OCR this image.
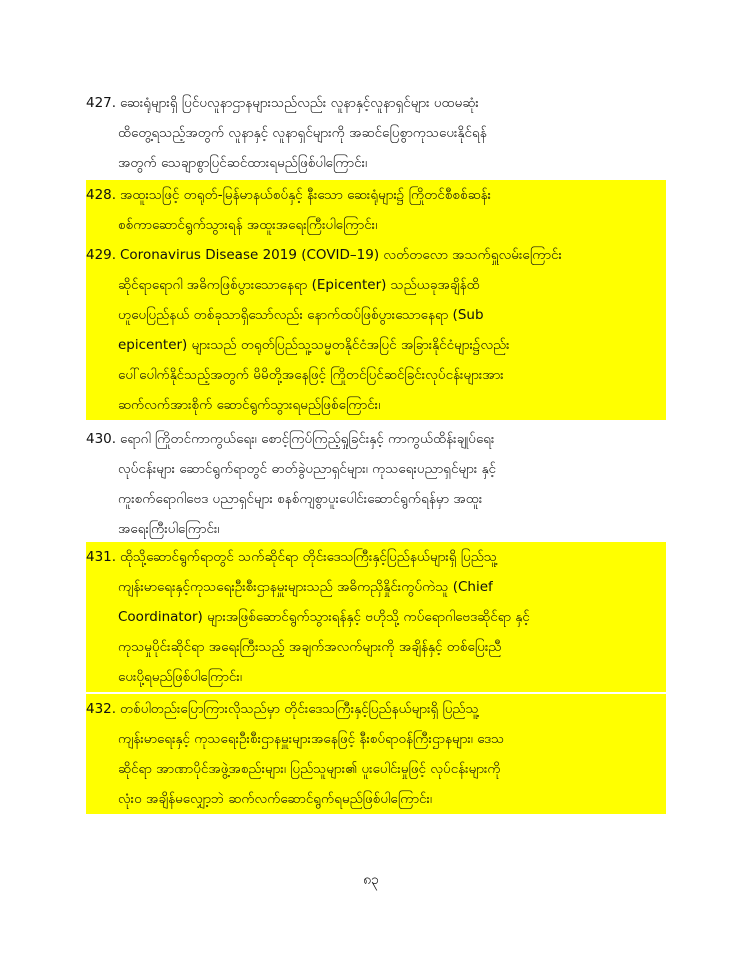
427. ဆေးရုံများရှိ ပြင်ပလူနာဌာနများသည်လည်း လူနာနှင့်လူနာရှင်များ ပထမဆုံး
ထိတွေ့ရသည့်အတွက် လူနာနှင့် လူနာရှင်များကို အဆင်ပြေစွာကုသပေးနိုင်ရန်
အတွက် သေချာစွာပြင်ဆင်ထားရမည်ဖြစ်ပါကြောင်း၊
428. အထူးသဖြင့် တရုတ်-မြန်မာနယ်စပ်နှင့် နီးသော ဆေးရုံများ၌ ကြိုတင်စီစစ်ဆန်း
စစ်ကာဆောင်ရွက်သွားရန် အထူးအရေးကြီးပါကြောင်း၊
429. Coronavirus Disease 2019 (COVID–19) လတ်တလော အသက်ရှူလမ်းကြောင်း
ဆိုင်ရာရောဂါ အဓိကဖြစ်ပွားသောနေရာ (Epicenter) သည်ယခုအချိန်ထိ
ဟူပေပြည်နယ် တစ်ခုသာရှိသော်လည်း နောက်ထပ်ဖြစ်ပွားသောနေရာ (Sub
epicenter) များသည် တရုတ်ပြည်သူ့သမ္မတနိုင်ငံအပြင် အခြားနိုင်ငံများ၌လည်း
ပေါ်ပေါက်နိုင်သည့်အတွက် မိမိတို့အနေဖြင့် ကြိုတင်ပြင်ဆင်ခြင်းလုပ်ငန်းများအား
ဆက်လက်အားစိုက် ဆောင်ရွက်သွားရမည်ဖြစ်ကြောင်း၊
430. ရောဂါ ကြိုတင်ကာကွယ်ရေး၊ စောင့်ကြပ်ကြည့်ရှုခြင်းနှင့် ကာကွယ်ထိန်းချုပ်ရေး
လုပ်ငန်းများ ဆောင်ရွက်ရာတွင် ဓာတ်ခွဲပညာရှင်များ၊ ကုသရေးပညာရှင်များ နှင့်
ကူးစက်ရောဂါဗေဒ ပညာရှင်များ စနစ်ကျစွာပူးပေါင်းဆောင်ရွက်ရန်မှာ အထူး
အရေးကြီးပါကြောင်း၊
431. ထိုသို့ဆောင်ရွက်ရာတွင် သက်ဆိုင်ရာ တိုင်းဒေသကြီးနှင့်ပြည်နယ်များရှိ ပြည်သူ့
ကျန်းမာရေးနှင့်ကုသရေးဦးစီးဌာနမှူးများသည် အဓိကညှိနှိုင်းကွပ်ကဲသူ (Chief
Coordinator) များအဖြစ်ဆောင်ရွက်သွားရန်နှင့် ဗဟိုသို့ ကပ်ရောဂါဗေဒဆိုင်ရာ နှင့်
ကုသမှုပိုင်းဆိုင်ရာ အရေးကြီးသည့် အချက်အလက်များကို အချိန်နှင့် တစ်ပြေးညီ
ပေးပို့ရမည်ဖြစ်ပါကြောင်း၊
432. တစ်ပါတည်းပြောကြားလိုသည်မှာ တိုင်းဒေသကြီးနှင့်ပြည်နယ်များရှိ ပြည်သူ့
ကျန်းမာရေးနှင့် ကုသရေးဦးစီးဌာနမှူးများအနေဖြင့် နီးစပ်ရာဝန်ကြီးဌာနများ၊ ဒေသ
ဆိုင်ရာ အာဏာပိုင်အဖွဲ့အစည်းများ၊ ပြည်သူများ၏ ပူးပေါင်းမှုဖြင့် လုပ်ငန်းများကို
လုံး၀ အချိန်မလျှော့ဘဲ ဆက်လက်ဆောင်ရွက်ရမည်ဖြစ်ပါကြောင်း၊
၈၃
